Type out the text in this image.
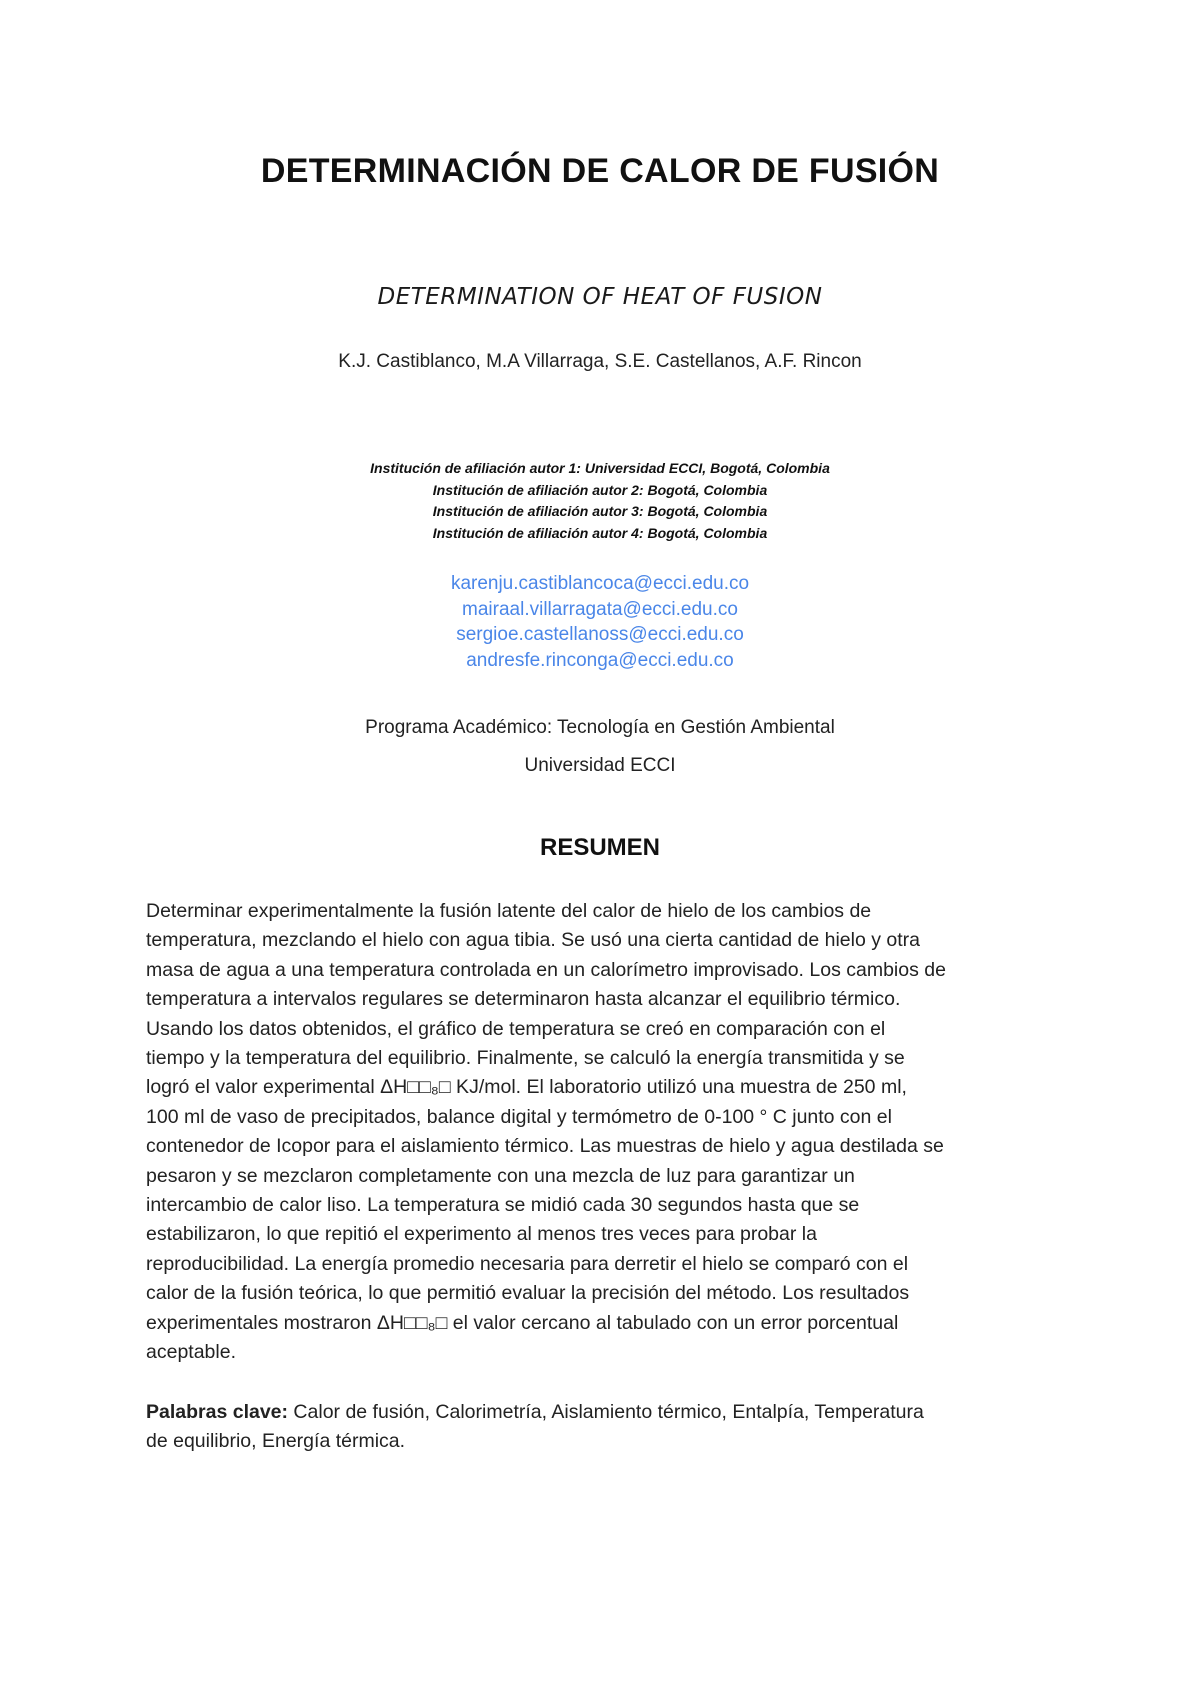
DETERMINACIÓN DE CALOR DE FUSIÓN
DETERMINATION OF HEAT OF FUSION
K.J. Castiblanco, M.A Villarraga, S.E. Castellanos, A.F. Rincon
Institución de afiliación autor 1: Universidad ECCI, Bogotá, Colombia
Institución de afiliación autor 2: Bogotá, Colombia
Institución de afiliación autor 3: Bogotá, Colombia
Institución de afiliación autor 4: Bogotá, Colombia
karenju.castiblancoca@ecci.edu.co
mairaal.villarragata@ecci.edu.co
sergioe.castellanoss@ecci.edu.co
andresfe.rinconga@ecci.edu.co
Programa Académico: Tecnología en Gestión Ambiental
Universidad ECCI
RESUMEN
Determinar experimentalmente la fusión latente del calor de hielo de los cambios de
temperatura, mezclando el hielo con agua tibia. Se usó una cierta cantidad de hielo y otra
masa de agua a una temperatura controlada en un calorímetro improvisado. Los cambios de
temperatura a intervalos regulares se determinaron hasta alcanzar el equilibrio térmico.
Usando los datos obtenidos, el gráfico de temperatura se creó en comparación con el
tiempo y la temperatura del equilibrio. Finalmente, se calculó la energía transmitida y se
logró el valor experimental ΔH□□₈□ KJ/mol. El laboratorio utilizó una muestra de 250 ml,
100 ml de vaso de precipitados, balance digital y termómetro de 0-100 ° C junto con el
contenedor de Icopor para el aislamiento térmico. Las muestras de hielo y agua destilada se
pesaron y se mezclaron completamente con una mezcla de luz para garantizar un
intercambio de calor liso. La temperatura se midió cada 30 segundos hasta que se
estabilizaron, lo que repitió el experimento al menos tres veces para probar la
reproducibilidad. La energía promedio necesaria para derretir el hielo se comparó con el
calor de la fusión teórica, lo que permitió evaluar la precisión del método. Los resultados
experimentales mostraron ΔH□□₈□ el valor cercano al tabulado con un error porcentual
aceptable.
Palabras clave: Calor de fusión, Calorimetría, Aislamiento térmico, Entalpía, Temperatura
de equilibrio, Energía térmica.
